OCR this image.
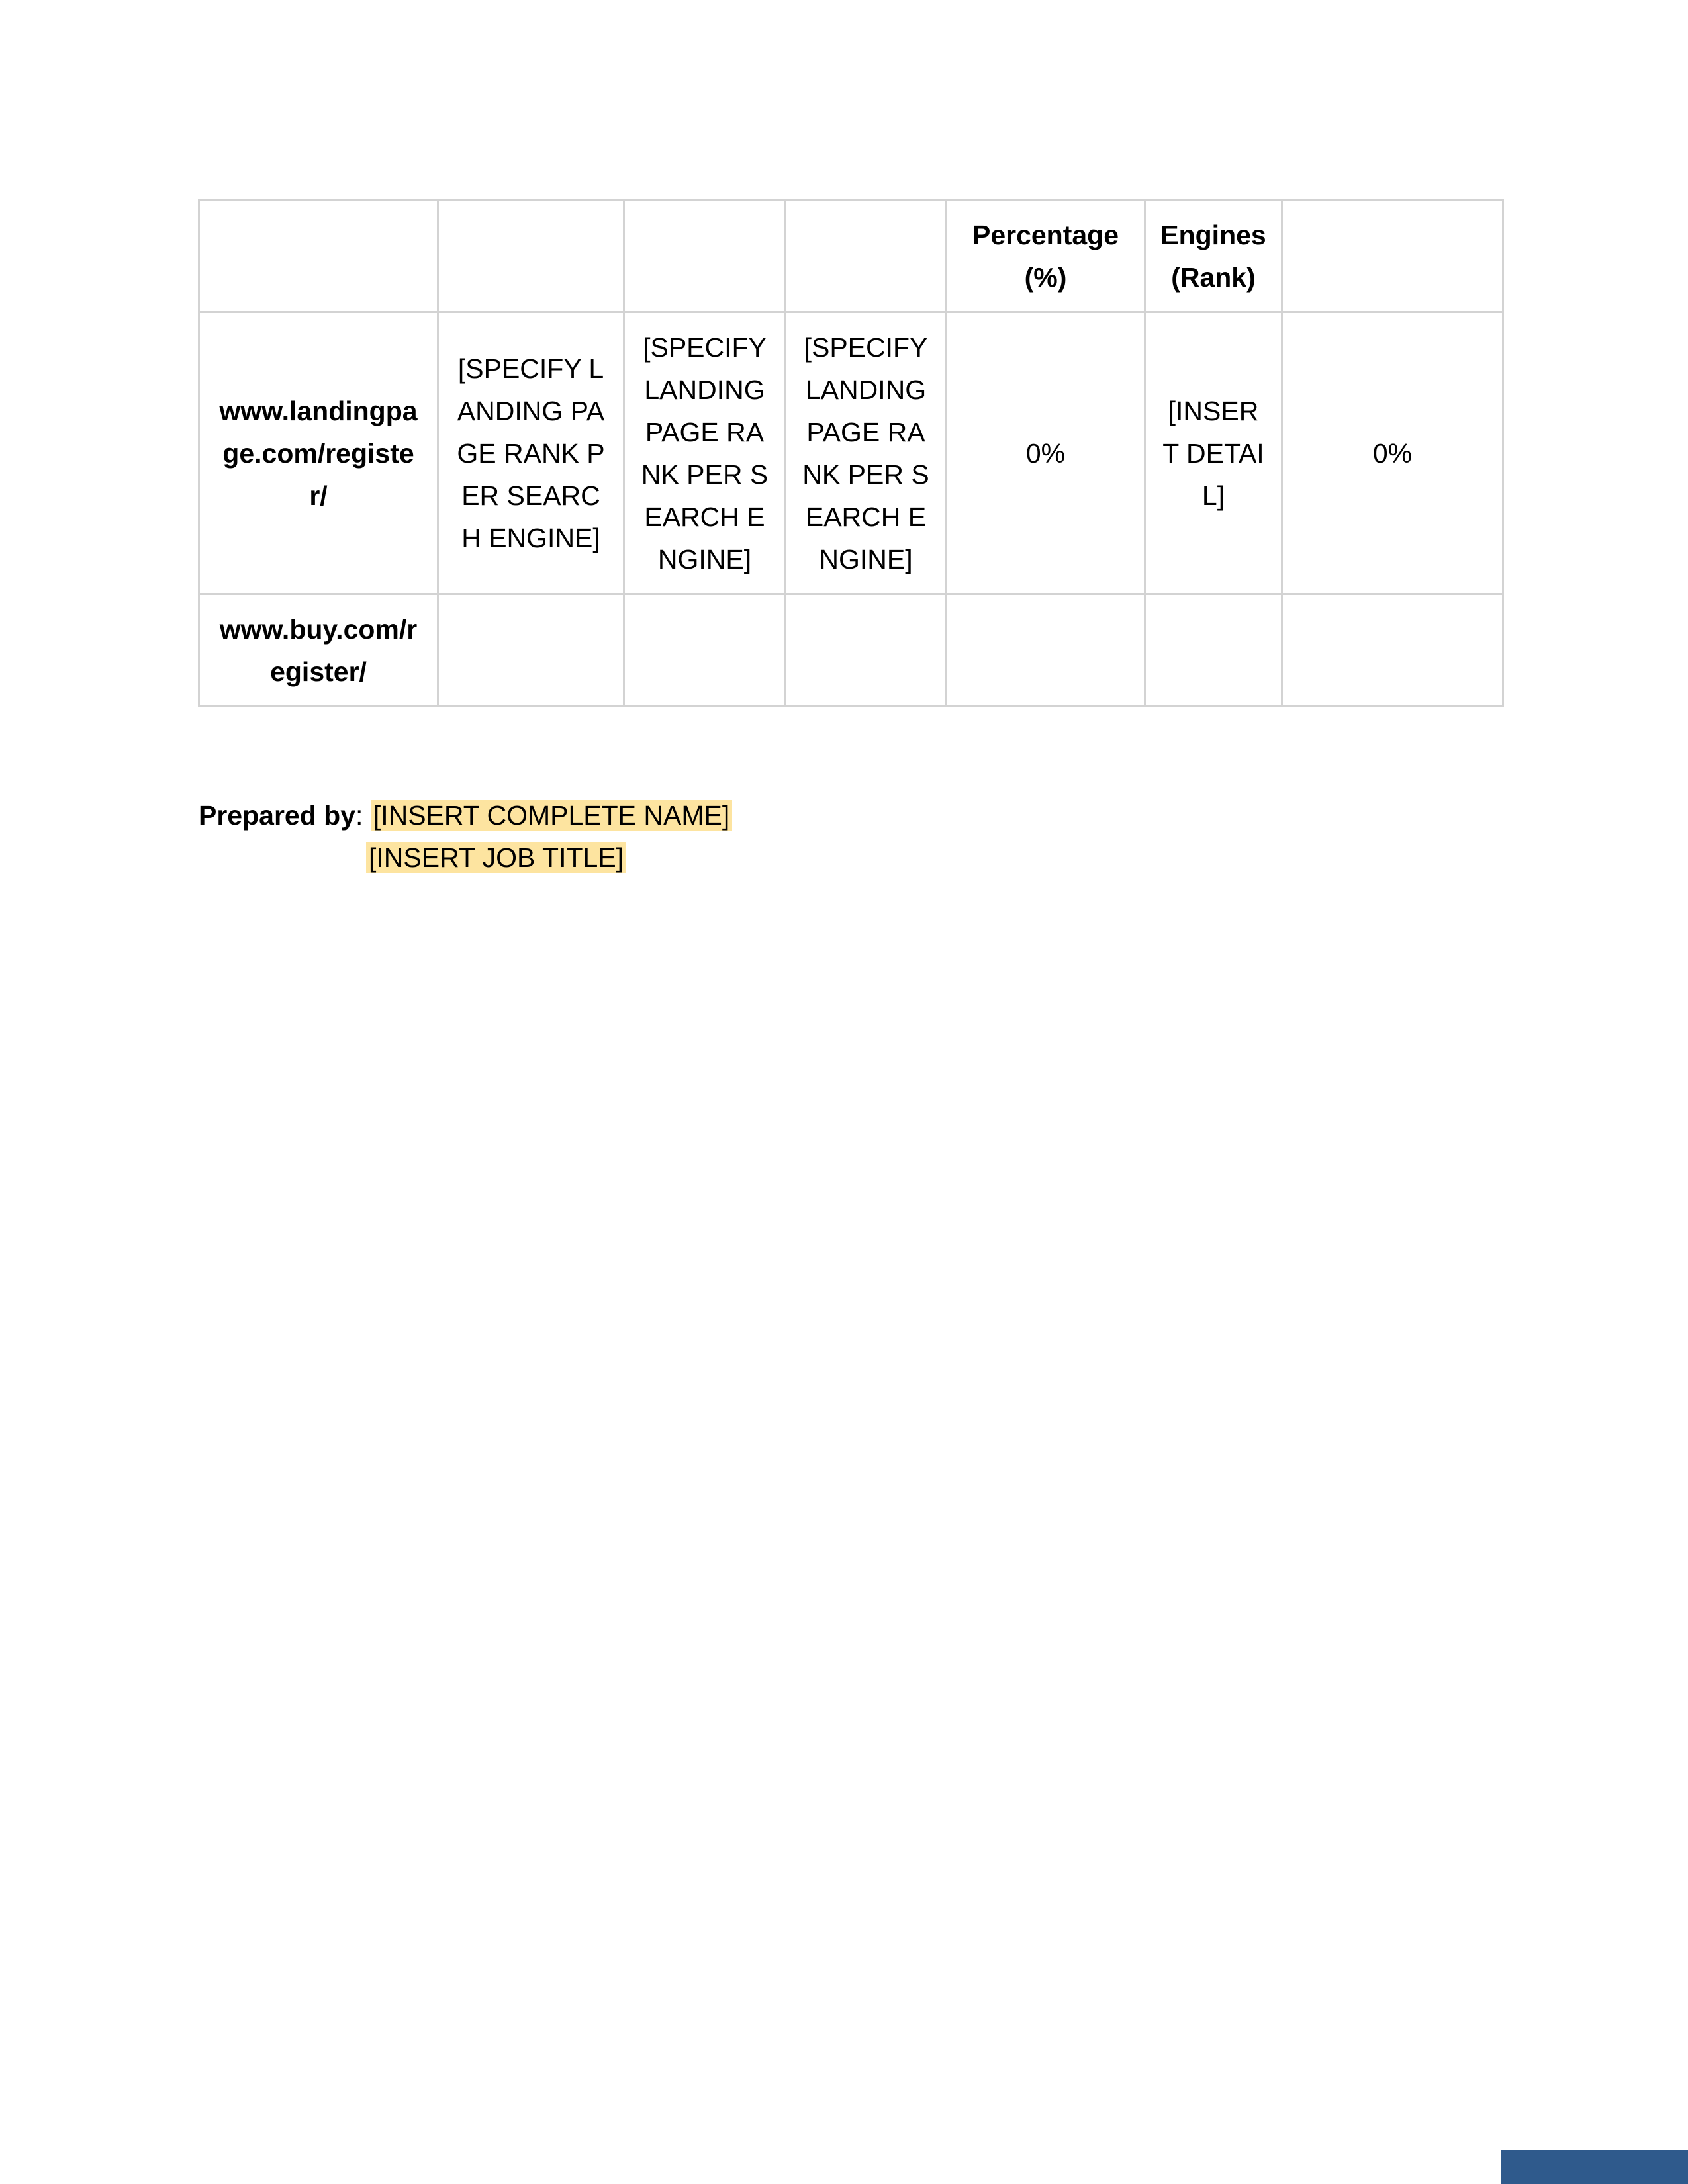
				Percentage (%)	Engines (Rank)	
www.landingpage.com/register/	[SPECIFY LANDING PAGE RANK PER SEARCH ENGINE]	[SPECIFY LANDING PAGE RANK PER SEARCH ENGINE]	[SPECIFY LANDING PAGE RANK PER SEARCH ENGINE]	0%	[INSERT DETAIL]	0%
www.buy.com/register/						
Prepared by: [INSERT COMPLETE NAME]
[INSERT JOB TITLE]
